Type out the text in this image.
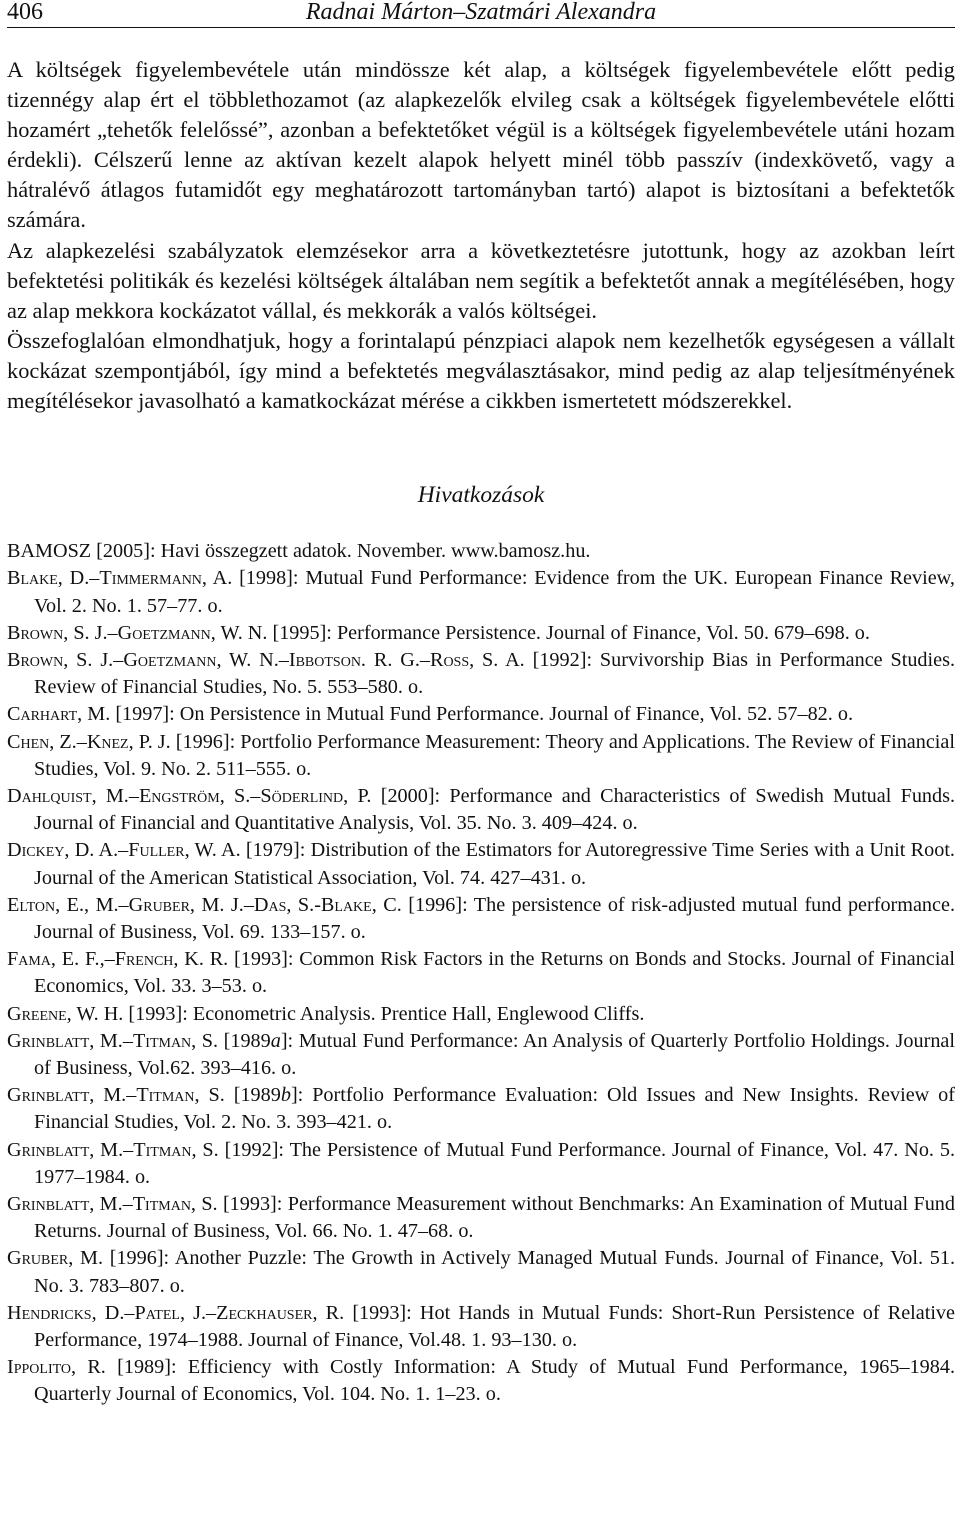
406	Radnai Márton–Szatmári Alexandra

A költségek figyelembevétele után mindössze két alap, a költségek figyelembevétele előtt pedig tizennégy alap ért el többlethozamot (az alapkezelők elvileg csak a költségek figyelembevétele előtti hozamért „tehetők felelőssé”, azonban a befektetőket végül is a költségek figyelembevétele utáni hozam érdekli). Célszerű lenne az aktívan kezelt alapok helyett minél több passzív (indexkövető, vagy a hátralévő átlagos futamidőt egy meghatározott tartományban tartó) alapot is biztosítani a befektetők számára.

Az alapkezelési szabályzatok elemzésekor arra a következtetésre jutottunk, hogy az azokban leírt befektetési politikák és kezelési költségek általában nem segítik a befektetőt annak a megítélésében, hogy az alap mekkora kockázatot vállal, és mekkorák a valós költségei.

Összefoglalóan elmondhatjuk, hogy a forintalapú pénzpiaci alapok nem kezelhetők egységesen a vállalt kockázat szempontjából, így mind a befektetés megválasztásakor, mind pedig az alap teljesítményének megítélésekor javasolható a kamatkockázat mérése a cikkben ismertetett módszerekkel.

Hivatkozások

BAMOSZ [2005]: Havi összegzett adatok. November. www.bamosz.hu.

Blake, D.–Timmermann, A. [1998]: Mutual Fund Performance: Evidence from the UK. European Finance Review, Vol. 2. No. 1. 57–77. o.

Brown, S. J.–Goetzmann, W. N. [1995]: Performance Persistence. Journal of Finance, Vol. 50. 679–698. o.

Brown, S. J.–Goetzmann, W. N.–Ibbotson. R. G.–Ross, S. A. [1992]: Survivorship Bias in Performance Studies. Review of Financial Studies, No. 5. 553–580. o.

Carhart, M. [1997]: On Persistence in Mutual Fund Performance. Journal of Finance, Vol. 52. 57–82. o.

Chen, Z.–Knez, P. J. [1996]: Portfolio Performance Measurement: Theory and Applications. The Review of Financial Studies, Vol. 9. No. 2. 511–555. o.

Dahlquist, M.–Engström, S.–Söderlind, P. [2000]: Performance and Characteristics of Swedish Mutual Funds. Journal of Financial and Quantitative Analysis, Vol. 35. No. 3. 409–424. o.

Dickey, D. A.–Fuller, W. A. [1979]: Distribution of the Estimators for Autoregressive Time Series with a Unit Root. Journal of the American Statistical Association, Vol. 74. 427–431. o.

Elton, E., M.–Gruber, M. J.–Das, S.-Blake, C. [1996]: The persistence of risk-adjusted mutual fund performance. Journal of Business, Vol. 69. 133–157. o.

Fama, E. F.,–French, K. R. [1993]: Common Risk Factors in the Returns on Bonds and Stocks. Journal of Financial Economics, Vol. 33. 3–53. o.

Greene, W. H. [1993]: Econometric Analysis. Prentice Hall, Englewood Cliffs.

Grinblatt, M.–Titman, S. [1989a]: Mutual Fund Performance: An Analysis of Quarterly Portfolio Holdings. Journal of Business, Vol.62. 393–416. o.

Grinblatt, M.–Titman, S. [1989b]: Portfolio Performance Evaluation: Old Issues and New Insights. Review of Financial Studies, Vol. 2. No. 3. 393–421. o.

Grinblatt, M.–Titman, S. [1992]: The Persistence of Mutual Fund Performance. Journal of Finance, Vol. 47. No. 5. 1977–1984. o.

Grinblatt, M.–Titman, S. [1993]: Performance Measurement without Benchmarks: An Examination of Mutual Fund Returns. Journal of Business, Vol. 66. No. 1. 47–68. o.

Gruber, M. [1996]: Another Puzzle: The Growth in Actively Managed Mutual Funds. Journal of Finance, Vol. 51. No. 3. 783–807. o.

Hendricks, D.–Patel, J.–Zeckhauser, R. [1993]: Hot Hands in Mutual Funds: Short-Run Persistence of Relative Performance, 1974–1988. Journal of Finance, Vol.48. 1. 93–130. o.

Ippolito, R. [1989]: Efficiency with Costly Information: A Study of Mutual Fund Performance, 1965–1984. Quarterly Journal of Economics, Vol. 104. No. 1. 1–23. o.
